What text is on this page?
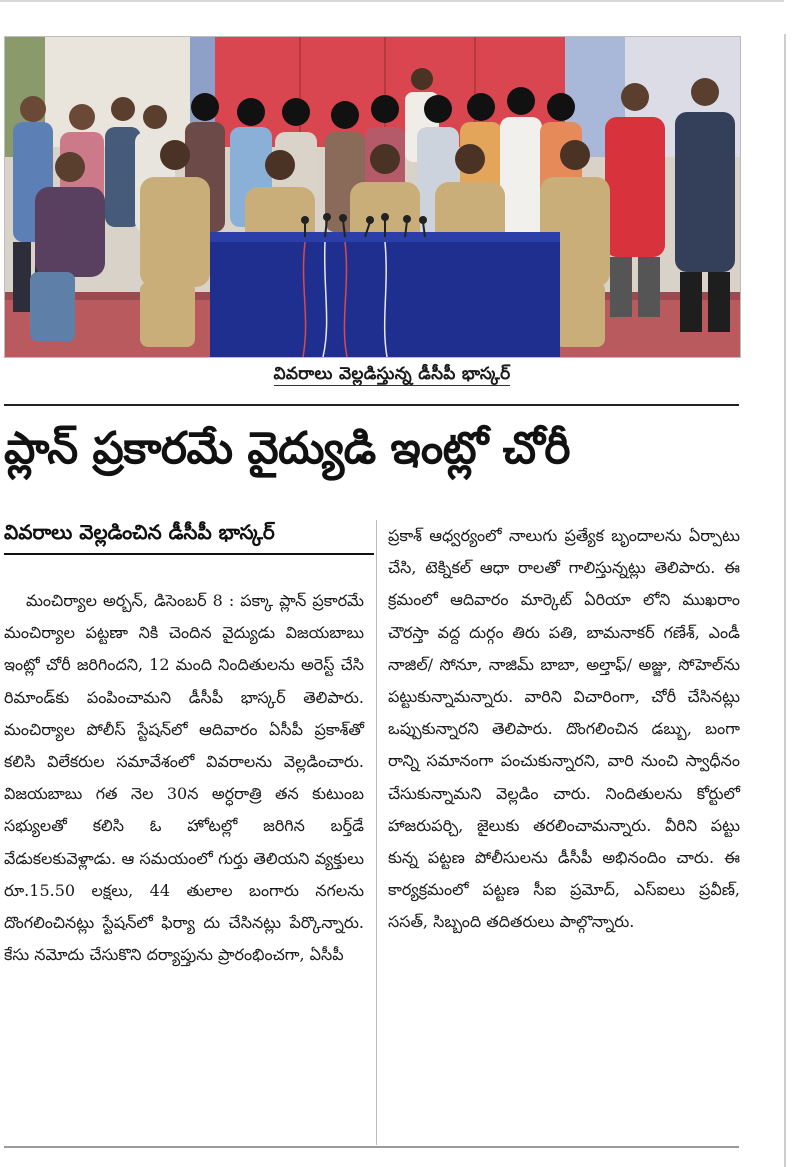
వివరాలు వెల్లడిస్తున్న డీసీపీ భాస్కర్
ప్లాన్ ప్రకారమే వైద్యుడి ఇంట్లో చోరీ
వివరాలు వెల్లడించిన డీసీపీ భాస్కర్
మంచిర్యాల అర్బన్, డిసెంబర్ 8 : పక్కా ప్లాన్ ప్రకారమే మంచిర్యాల పట్టణా నికి చెందిన వైద్యుడు విజయబాబు ఇంట్లో చోరీ జరిగిందని, 12 మంది నిందితులను అరెస్ట్ చేసి రిమాండ్‌కు పంపించామని డీసీపీ భాస్కర్ తెలిపారు. మంచిర్యాల పోలీస్ స్టేషన్‌లో ఆదివారం ఏసీపీ ప్రకాశ్‌తో కలిసి విలేకరుల సమావేశంలో వివరాలను వెల్లడించారు. విజయబాబు గత నెల 30న అర్ధరాత్రి తన కుటుంబ సభ్యులతో కలిసి ఓ హోటల్లో జరిగిన బర్త్‌డే వేడుకలకువెళ్లాడు. ఆ సమయంలో గుర్తు తెలియని వ్యక్తులు రూ.15.50 లక్షలు, 44 తులాల బంగారు నగలను దొంగలించినట్లు స్టేషన్‌లో ఫిర్యా దు చేసినట్లు పేర్కొన్నారు. కేసు నమోదు చేసుకొని దర్యాప్తును ప్రారంభించగా, ఏసీపీ
ప్రకాశ్ ఆధ్వర్యంలో నాలుగు ప్రత్యేక బృందాలను ఏర్పాటు చేసి, టెక్నికల్ ఆధా రాలతో గాలిస్తున్నట్లు తెలిపారు. ఈ క్రమంలో ఆదివారం మార్కెట్ ఏరియా లోని ముఖరాం చౌరస్తా వద్ద దుర్గం తిరు పతి, బామనాకర్ గణేశ్, ఎండీ నాజిల్/ సోనూ, నాజిమ్ బాబా, అల్తాఫ్/ అజ్జు, సోహెల్‌ను పట్టుకున్నామన్నారు. వారిని విచారింగా, చోరీ చేసినట్లు ఒప్పుకున్నారని తెలిపారు. దొంగలించిన డబ్బు, బంగా రాన్ని సమానంగా పంచుకున్నారని, వారి నుంచి స్వాధీనం చేసుకున్నామని వెల్లడిం చారు. నిందితులను కోర్టులో హాజరుపర్చి, జైలుకు తరలించామన్నారు. వీరిని పట్టు కున్న పట్టణ పోలీసులను డీసీపీ అభినందిం చారు. ఈ కార్యక్రమంలో పట్టణ సీఐ ప్రమోద్, ఎస్‌ఐలు ప్రవీణ్, ససత్, సిబ్బంది తదితరులు పాల్గొన్నారు.
